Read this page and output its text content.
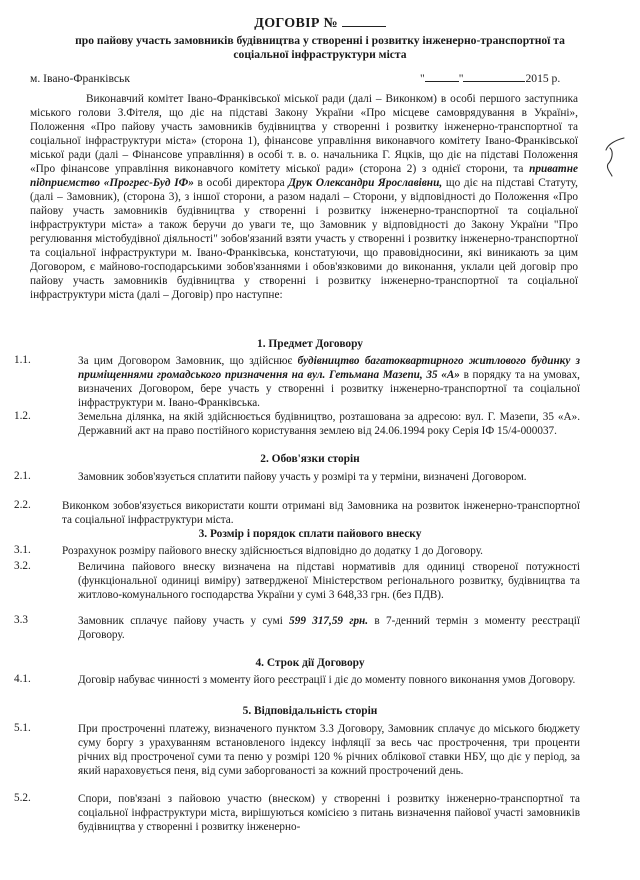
ДОГОВІР №
про пайову участь замовників будівництва у створенні і розвитку інженерно-транспортної та соціальної інфраструктури міста
м. Івано-Франківськ	"	"	2015 р.
Виконавчий комітет Івано-Франківської міської ради (далі – Виконком) в особі першого заступника міського голови З.Фітеля, що діє на підставі Закону України «Про місцеве самоврядування в Україні», Положення «Про пайову участь замовників будівництва у створенні і розвитку інженерно-транспортної та соціальної інфраструктури міста» (сторона 1), фінансове управління виконавчого комітету Івано-Франківської міської ради (далі – Фінансове управління) в особі т. в. о. начальника Г. Яцків, що діє на підставі Положення «Про фінансове управління виконавчого комітету міської ради» (сторона 2) з однієї сторони, та приватне підприємство «Прогрес-Буд ІФ» в особі директора Друк Олександри Ярославівни, що діє на підставі Статуту, (далі – Замовник), (сторона 3), з іншої сторони, а разом надалі – Сторони, у відповідності до Положення «Про пайову участь замовників будівництва у створенні і розвитку інженерно-транспортної та соціальної інфраструктури міста» а також беручи до уваги те, що Замовник у відповідності до Закону України "Про регулювання містобудівної діяльності" зобов'язаний взяти участь у створенні і розвитку інженерно-транспортної та соціальної інфраструктури м. Івано-Франківська, констатуючи, що правовідносини, які виникають за цим Договором, є майново-господарськими зобов'язаннями і обов'язковими до виконання, уклали цей договір про пайову участь замовників будівництва у створенні і розвитку інженерно-транспортної та соціальної інфраструктури міста (далі – Договір) про наступне:
1. Предмет Договору
1.1.	За цим Договором Замовник, що здійснює будівництво багатоквартирного житлового будинку з приміщеннями громадського призначення на вул. Гетьмана Мазепи, 35 «А» в порядку та на умовах, визначених Договором, бере участь у створенні і розвитку інженерно-транспортної та соціальної інфраструктури м. Івано-Франківська.
1.2.	Земельна ділянка, на якій здійснюється будівництво, розташована за адресою: вул. Г. Мазепи, 35 «А». Державний акт на право постійного користування землею від 24.06.1994 року Серія ІФ 15/4-000037.
2. Обов'язки сторін
2.1.	Замовник зобов'язується сплатити пайову участь у розмірі та у терміни, визначені Договором.
2.2.	Виконком зобов'язується використати кошти отримані від Замовника на розвиток інженерно-транспортної та соціальної інфраструктури міста.
3. Розмір і порядок сплати пайового внеску
3.1.	Розрахунок розміру пайового внеску здійснюється відповідно до додатку 1 до Договору.
3.2.	Величина пайового внеску визначена на підставі нормативів для одиниці створеної потужності (функціональної одиниці виміру) затвердженої Міністерством регіонального розвитку, будівництва та житлово-комунального господарства України у сумі 3 648,33 грн. (без ПДВ).
3.3	Замовник сплачує пайову участь у сумі 599 317,59 грн. в 7-денний термін з моменту реєстрації Договору.
4. Строк дії Договору
4.1.	Договір набуває чинності з моменту його реєстрації і діє до моменту повного виконання умов Договору.
5. Відповідальність сторін
5.1.	При простроченні платежу, визначеного пунктом 3.3 Договору, Замовник сплачує до міського бюджету суму боргу з урахуванням встановленого індексу інфляції за весь час прострочення, три проценти річних від простроченої суми та пеню у розмірі 120 % річних облікової ставки НБУ, що діє у період, за який нараховується пеня, від суми заборгованості за кожний прострочений день.
5.2.	Спори, пов'язані з пайовою участю (внеском) у створенні і розвитку інженерно-транспортної та соціальної інфраструктури міста, вирішуються комісією з питань визначення пайової участі замовників будівництва у створенні і розвитку інженерно-
